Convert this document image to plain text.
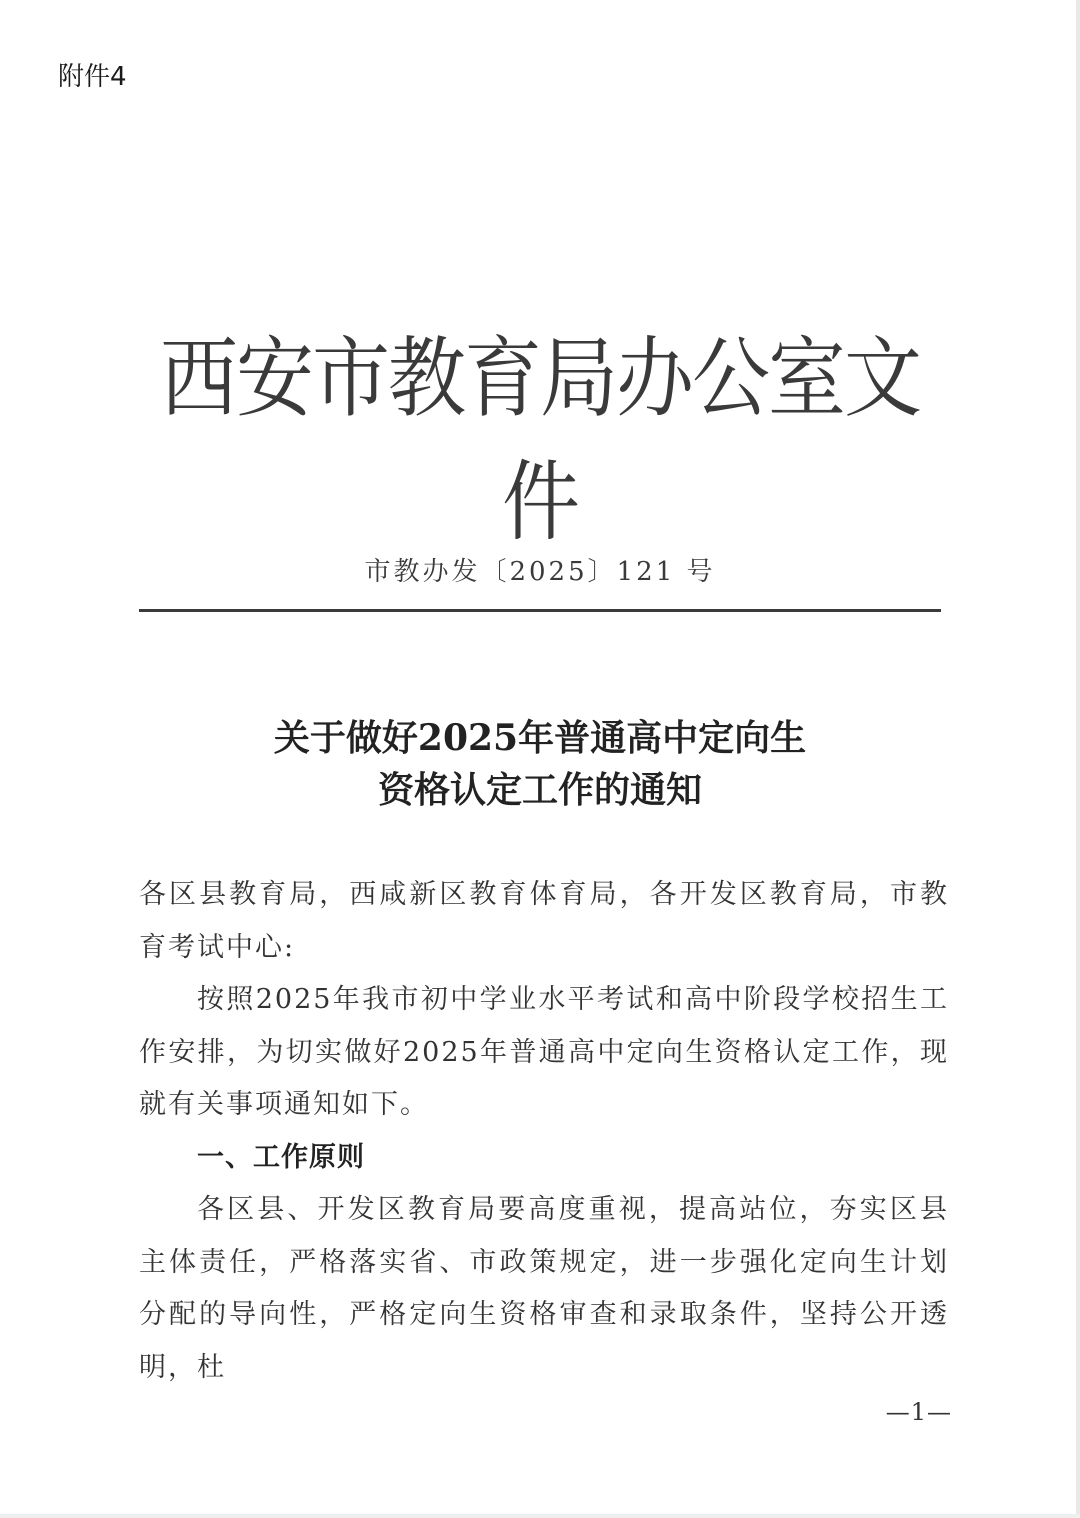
附件4
西安市教育局办公室文件
市教办发〔2025〕121 号
关于做好2025年普通高中定向生
资格认定工作的通知

各区县教育局，西咸新区教育体育局，各开发区教育局，市教育考试中心:

按照2025年我市初中学业水平考试和高中阶段学校招生工作安排，为切实做好2025年普通高中定向生资格认定工作，现就有关事项通知如下。

一、工作原则

各区县、开发区教育局要高度重视，提高站位，夯实区县主体责任，严格落实省、市政策规定，进一步强化定向生计划分配的导向性，严格定向生资格审查和录取条件，坚持公开透明，杜

—1—
